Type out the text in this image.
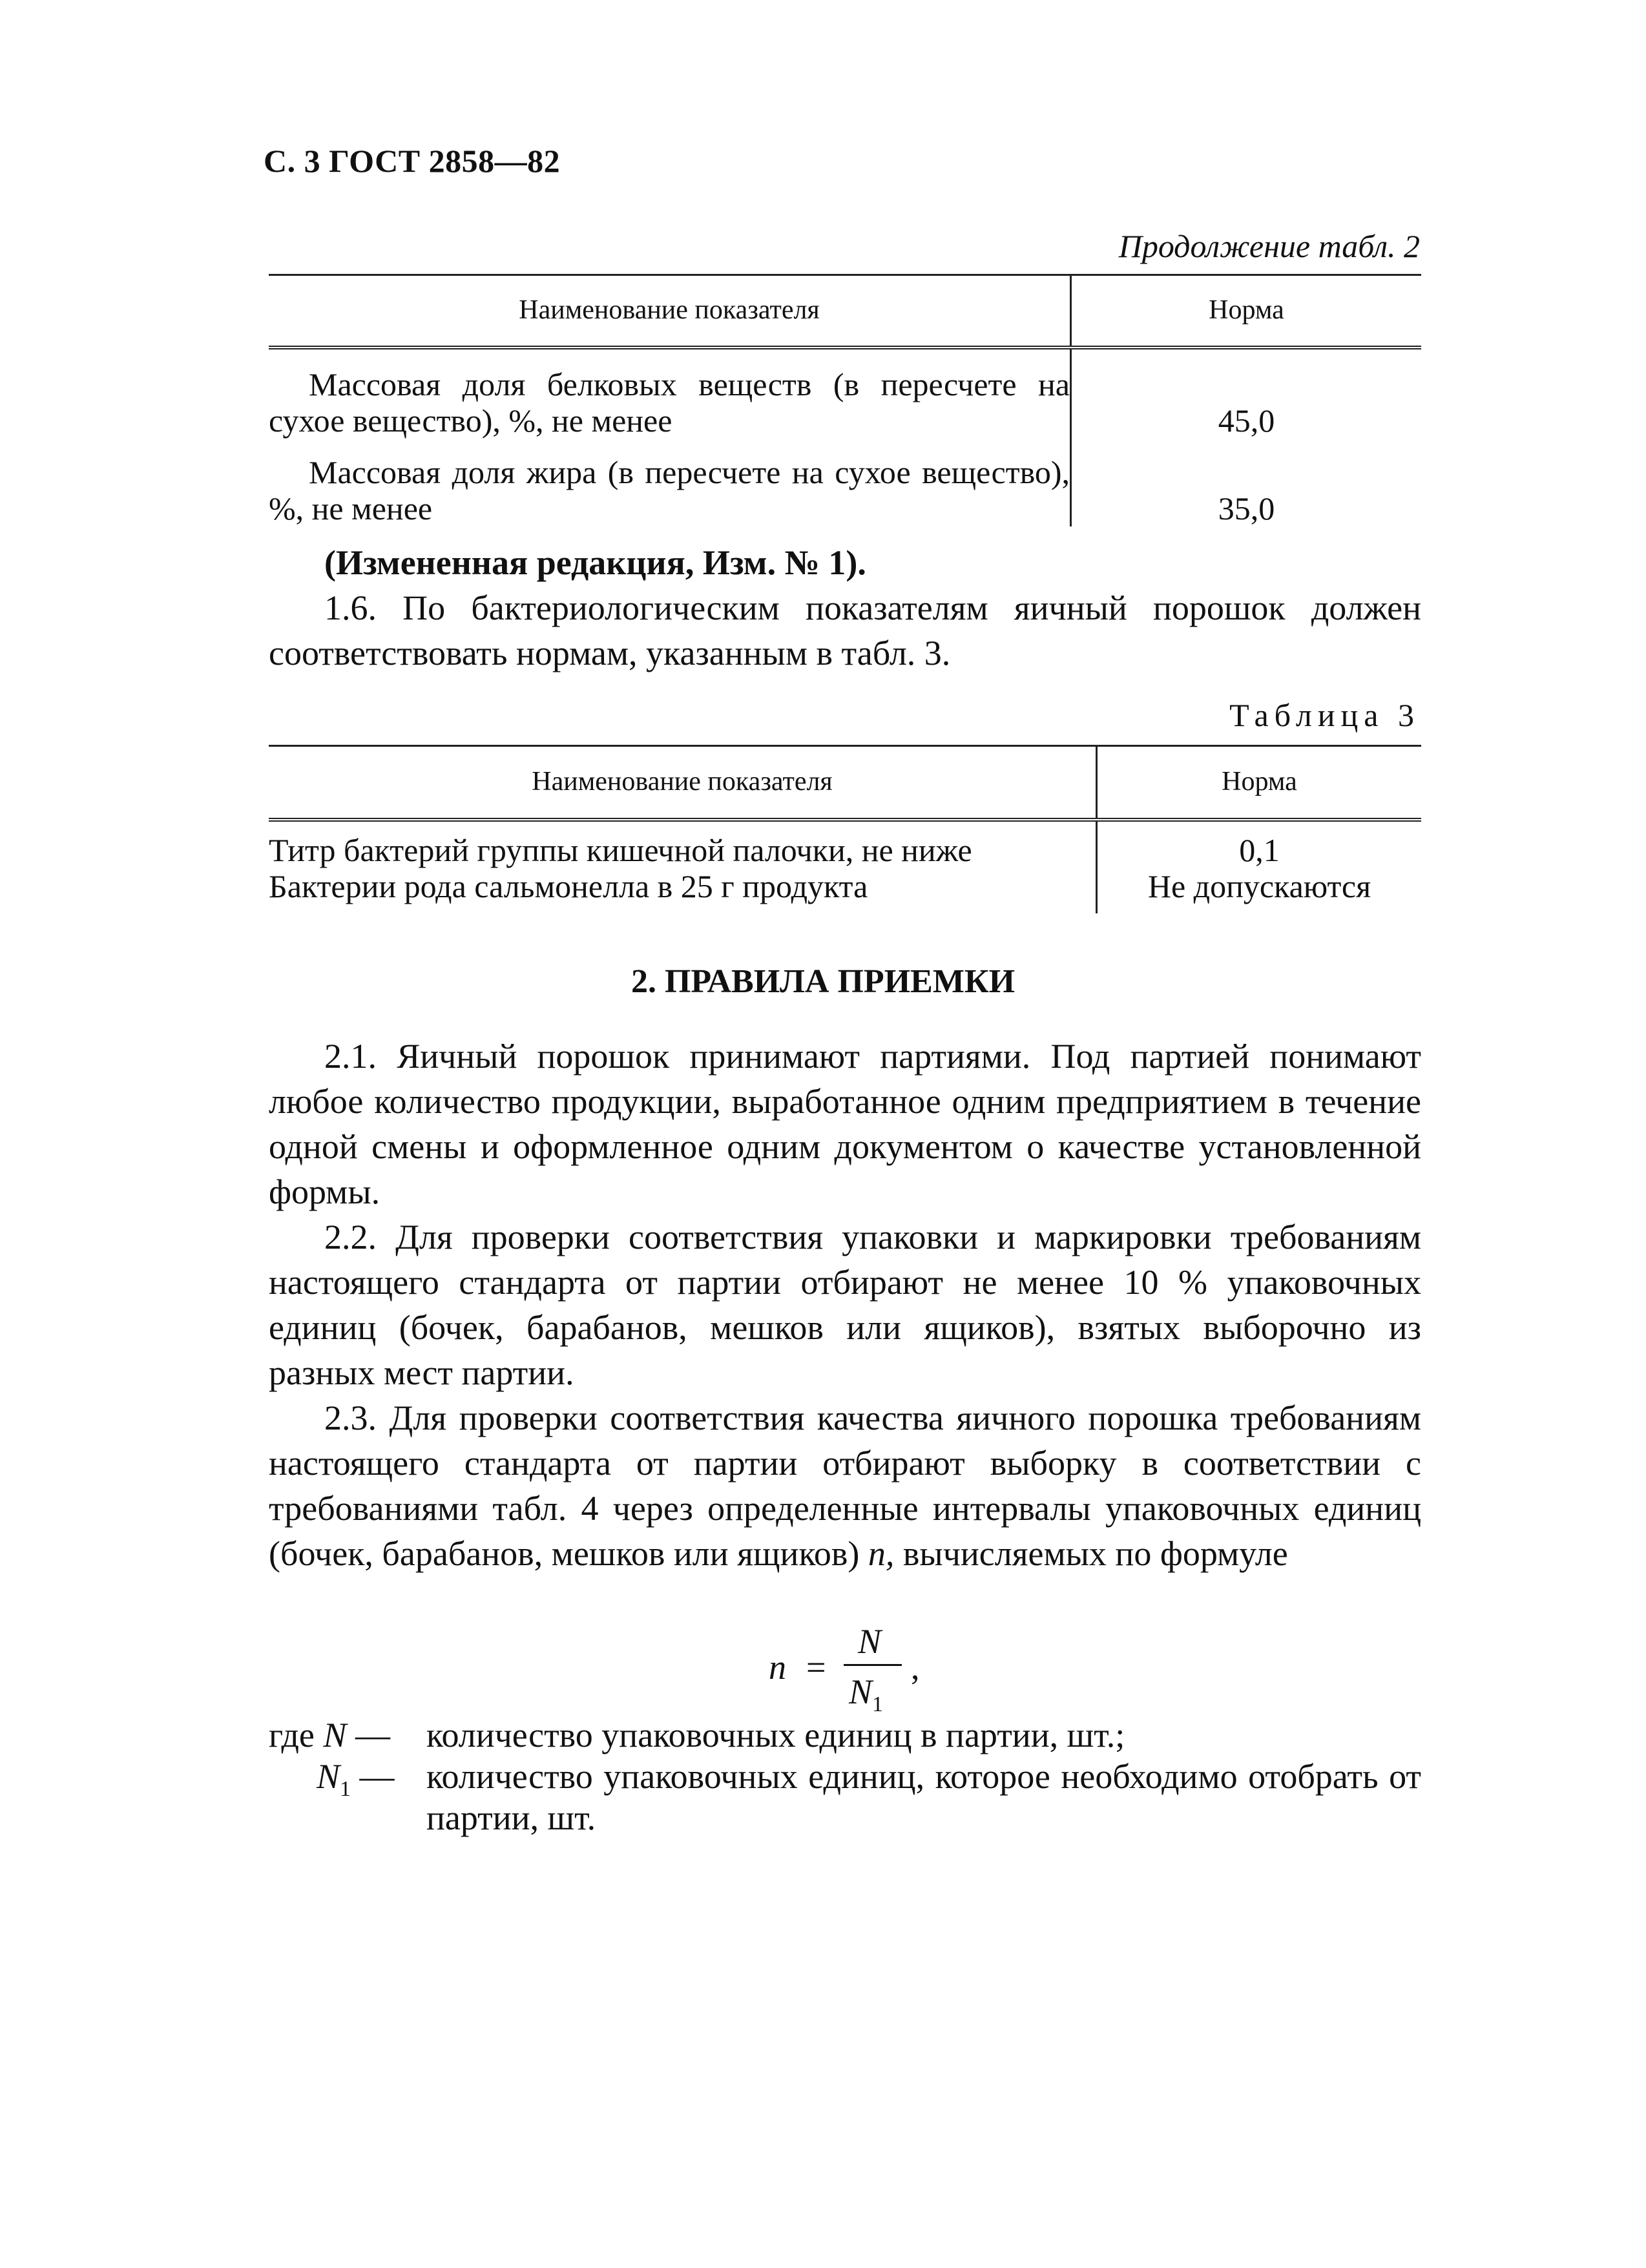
С. 3 ГОСТ 2858—82
Продолжение табл. 2
Наименование показателя	Норма
Массовая доля белковых веществ (в пересчете на сухое вещество), %, не менее	45,0
Массовая доля жира (в пересчете на сухое вещество), %, не менее	35,0

(Измененная редакция, Изм. № 1).

1.6. По бактериологическим показателям яичный порошок должен соответствовать нормам, указанным в табл. 3.

Таблица 3
Наименование показателя	Норма
Титр бактерий группы кишечной палочки, не ниже	0,1
Бактерии рода сальмонелла в 25 г продукта	Не допускаются
2. ПРАВИЛА ПРИЕМКИ

2.1. Яичный порошок принимают партиями. Под партией понимают любое количество продукции, выработанное одним предприятием в течение одной смены и оформленное одним документом о качестве установленной формы.

2.2. Для проверки соответствия упаковки и маркировки требованиям настоящего стандарта от партии отбирают не менее 10 % упаковочных единиц (бочек, барабанов, мешков или ящиков), взятых выборочно из разных мест партии.

2.3. Для проверки соответствия качества яичного порошка требованиям настоящего стандарта от партии отбирают выборку в соответствии с требованиями табл. 4 через определенные интервалы упаковочных единиц (бочек, барабанов, мешков или ящиков) n, вычисляемых по формуле

n =
N
$N_1$
,
где N — количество упаковочных единиц в партии, шт.;
$N_1$ — количество упаковочных единиц, которое необходимо отобрать от партии, шт.
